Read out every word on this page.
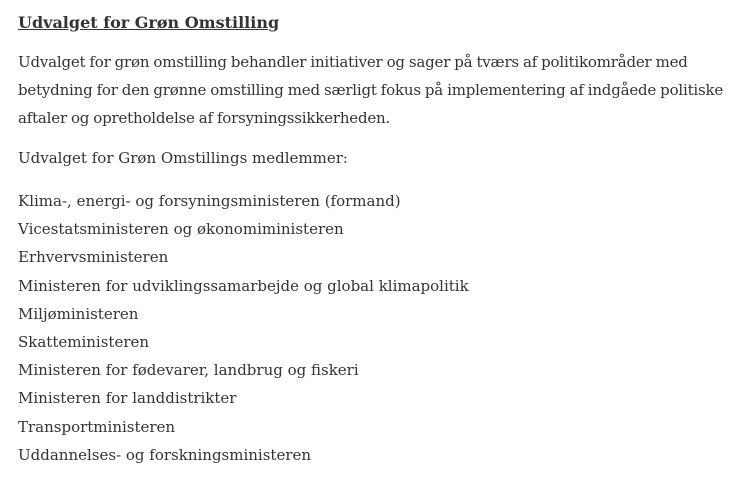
Udvalget for Grøn Omstilling

Udvalget for grøn omstilling behandler initiativer og sager på tværs af politikområder med betydning for den grønne omstilling med særligt fokus på implementering af indgåede politiske aftaler og opretholdelse af forsyningssikkerheden.

Udvalget for Grøn Omstillings medlemmer:

Klima-, energi- og forsyningsministeren (formand)
Vicestatsministeren og økonomiministeren
Erhvervsministeren
Ministeren for udviklingssamarbejde og global klimapolitik
Miljøministeren
Skatteministeren
Ministeren for fødevarer, landbrug og fiskeri
Ministeren for landdistrikter
Transportministeren
Uddannelses- og forskningsministeren
